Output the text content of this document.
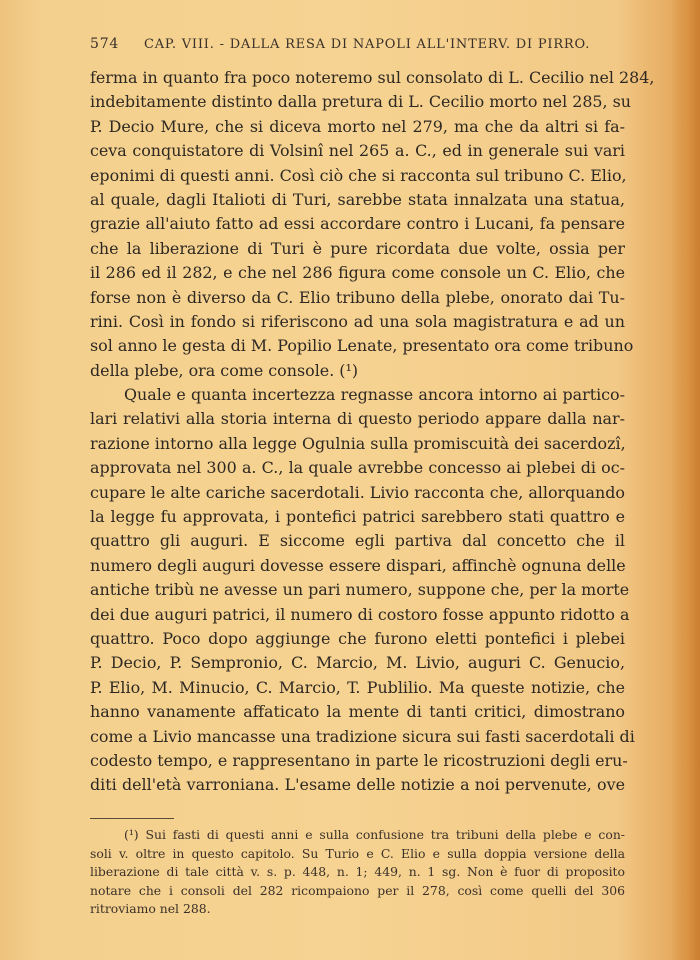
574 CAP. VIII. - DALLA RESA DI NAPOLI ALL'INTERV. DI PIRRO.
ferma in quanto fra poco noteremo sul consolato di L. Cecilio nel 284,
indebitamente distinto dalla pretura di L. Cecilio morto nel 285, su
P. Decio Mure, che si diceva morto nel 279, ma che da altri si fa-
ceva conquistatore di Volsinî nel 265 a. C., ed in generale sui vari
eponimi di questi anni. Così ciò che si racconta sul tribuno C. Elio,
al quale, dagli Italioti di Turi, sarebbe stata innalzata una statua,
grazie all'aiuto fatto ad essi accordare contro i Lucani, fa pensare
che la liberazione di Turi è pure ricordata due volte, ossia per
il 286 ed il 282, e che nel 286 figura come console un C. Elio, che
forse non è diverso da C. Elio tribuno della plebe, onorato dai Tu-
rini. Così in fondo si riferiscono ad una sola magistratura e ad un
sol anno le gesta di M. Popilio Lenate, presentato ora come tribuno
della plebe, ora come console. (¹)
Quale e quanta incertezza regnasse ancora intorno ai partico-
lari relativi alla storia interna di questo periodo appare dalla nar-
razione intorno alla legge Ogulnia sulla promiscuità dei sacerdozî,
approvata nel 300 a. C., la quale avrebbe concesso ai plebei di oc-
cupare le alte cariche sacerdotali. Livio racconta che, allorquando
la legge fu approvata, i pontefici patrici sarebbero stati quattro e
quattro gli auguri. E siccome egli partiva dal concetto che il
numero degli auguri dovesse essere dispari, affinchè ognuna delle
antiche tribù ne avesse un pari numero, suppone che, per la morte
dei due auguri patrici, il numero di costoro fosse appunto ridotto a
quattro. Poco dopo aggiunge che furono eletti pontefici i plebei
P. Decio, P. Sempronio, C. Marcio, M. Livio, auguri C. Genucio,
P. Elio, M. Minucio, C. Marcio, T. Publilio. Ma queste notizie, che
hanno vanamente affaticato la mente di tanti critici, dimostrano
come a Livio mancasse una tradizione sicura sui fasti sacerdotali di
codesto tempo, e rappresentano in parte le ricostruzioni degli eru-
diti dell'età varroniana. L'esame delle notizie a noi pervenute, ove
(¹) Sui fasti di questi anni e sulla confusione tra tribuni della plebe e con-
soli v. oltre in questo capitolo. Su Turio e C. Elio e sulla doppia versione della
liberazione di tale città v. s. p. 448, n. 1; 449, n. 1 sg. Non è fuor di proposito
notare che i consoli del 282 ricompaiono per il 278, così come quelli del 306
ritroviamo nel 288.
